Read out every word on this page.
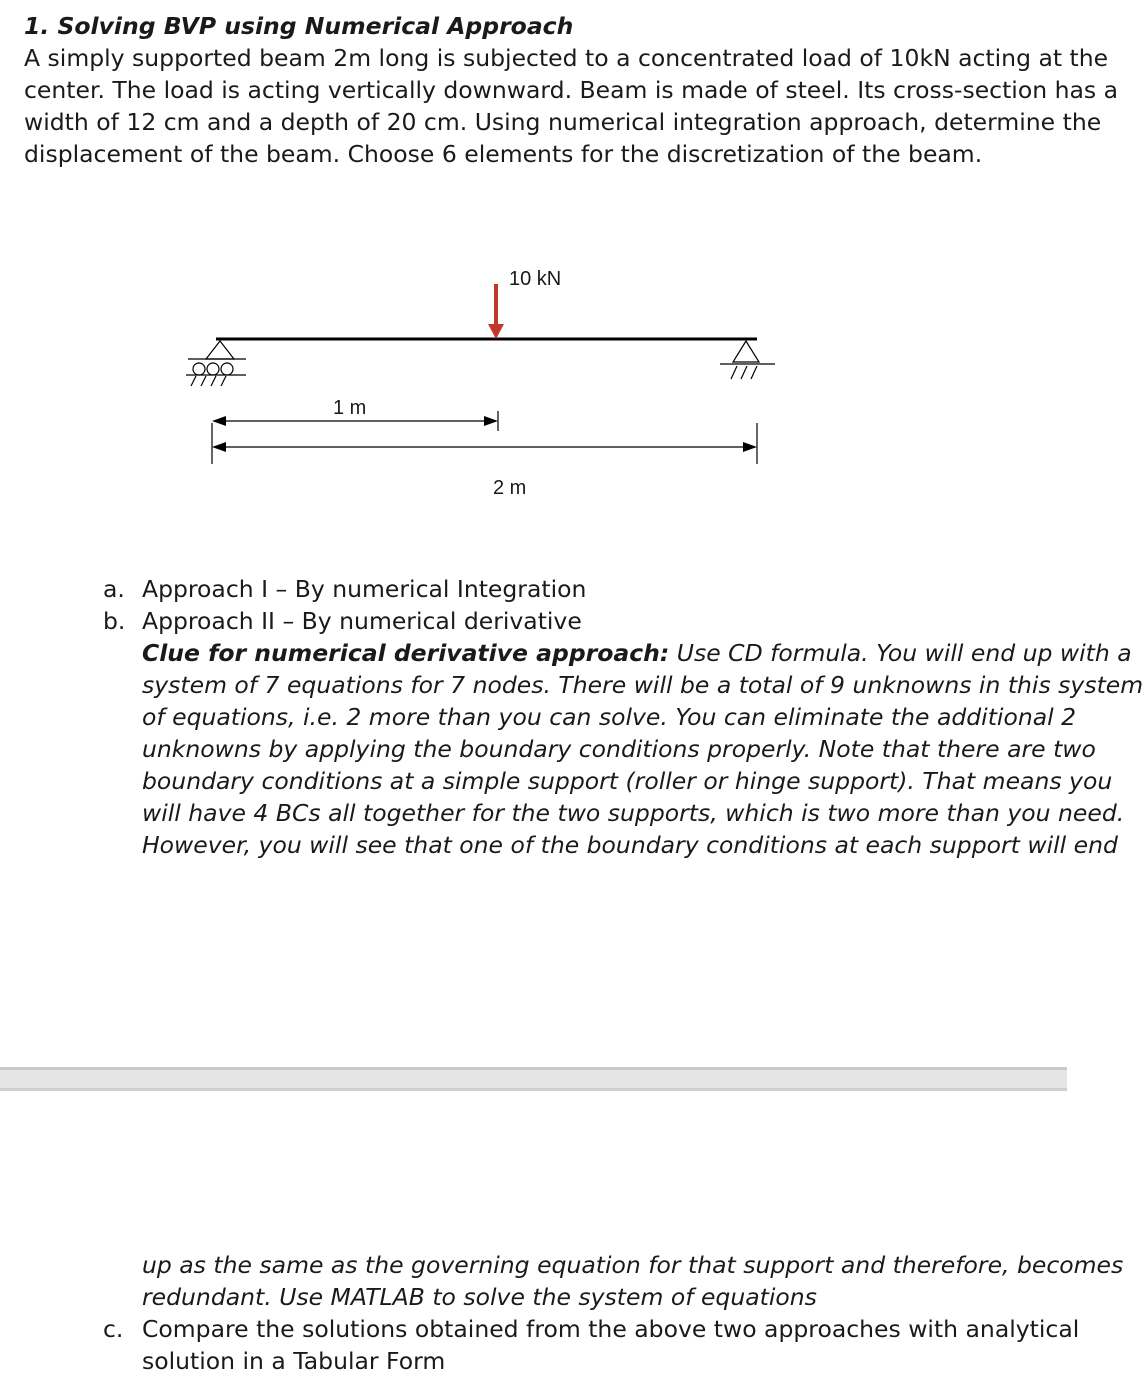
1. Solving BVP using Numerical Approach
A simply supported beam 2m long is subjected to a concentrated load of 10kN acting at the
center. The load is acting vertically downward. Beam is made of steel. Its cross-section has a
width of 12 cm and a depth of 20 cm. Using numerical integration approach, determine the
displacement of the beam. Choose 6 elements for the discretization of the beam.
10 kN
1 m
2 m
a. Approach I – By numerical Integration
b. Approach II – By numerical derivative
Clue for numerical derivative approach: Use CD formula. You will end up with a
system of 7 equations for 7 nodes. There will be a total of 9 unknowns in this system
of equations, i.e. 2 more than you can solve. You can eliminate the additional 2
unknowns by applying the boundary conditions properly. Note that there are two
boundary conditions at a simple support (roller or hinge support). That means you
will have 4 BCs all together for the two supports, which is two more than you need.
However, you will see that one of the boundary conditions at each support will end
up as the same as the governing equation for that support and therefore, becomes
redundant. Use MATLAB to solve the system of equations
c. Compare the solutions obtained from the above two approaches with analytical
solution in a Tabular Form
